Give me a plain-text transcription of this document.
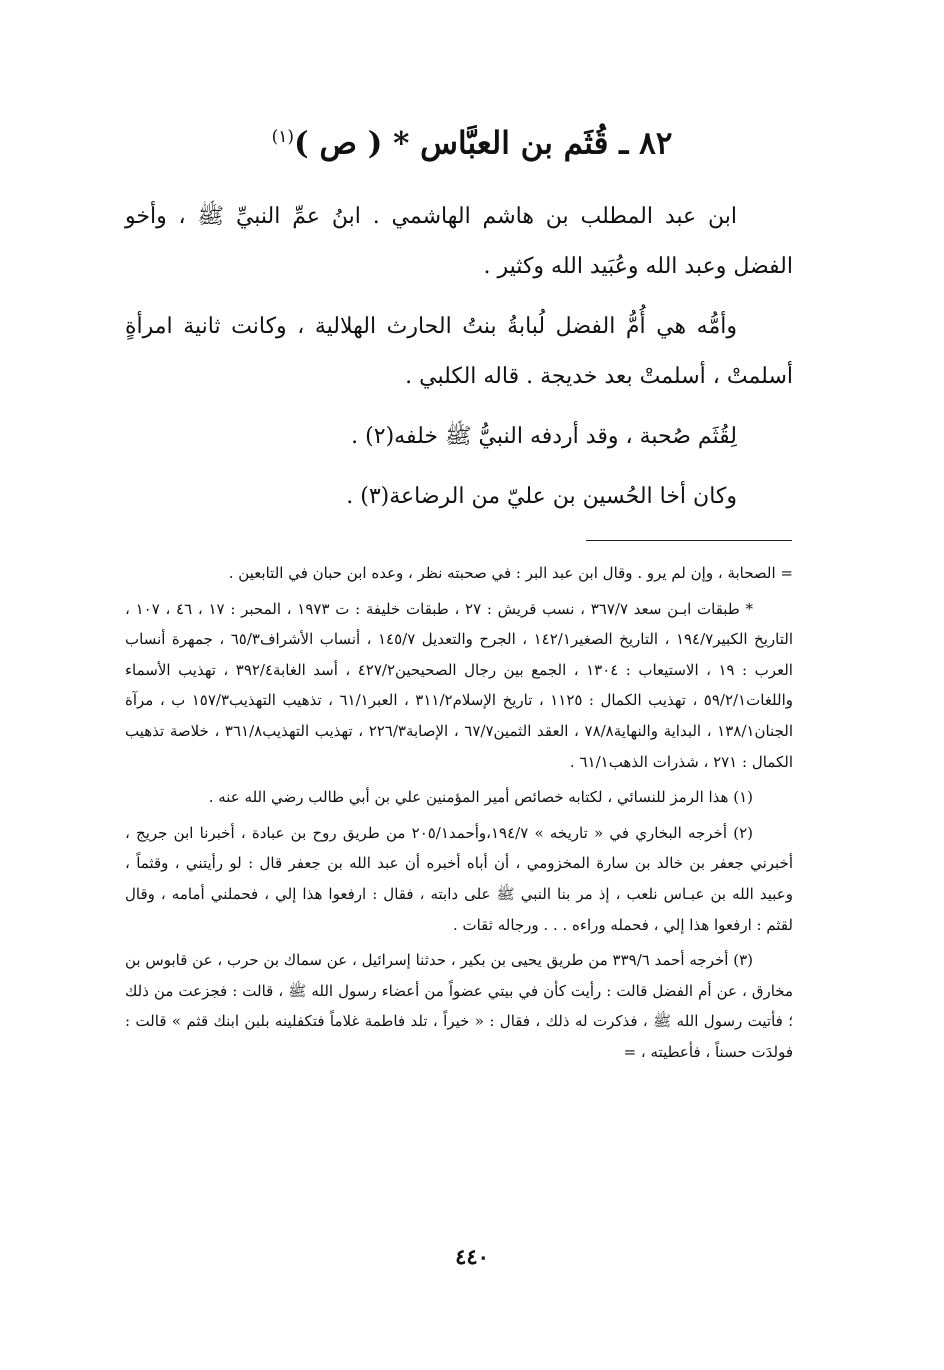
٨٢ ـ قُثَم بن العبَّاس * ( ص )$^{(١)}$

ابن عبد المطلب بن هاشم الهاشمي . ابنُ عمِّ النبيِّ ﷺ ، وأخو الفضل وعبد الله وعُبَيد الله وكثير .

وأمُّه هي أُمُّ الفضل لُبابةُ بنتُ الحارث الهلالية ، وكانت ثانية امرأةٍ أسلمتْ ، أسلمتْ بعد خديجة . قاله الكلبي .

لِقُثَم صُحبة ، وقد أردفه النبيُّ ﷺ خلفه(٢) .

وكان أخا الحُسين بن عليّ من الرضاعة(٣) .

= الصحابة ، وإن لم يرو . وقال ابن عبد البر : في صحبته نظر ، وعده ابن حبان في التابعين .

* طبقات ابـن سعد ٣٦٧/٧ ، نسب قريش : ٢٧ ، طبقات خليفة : ت ١٩٧٣ ، المحبر : ١٧ ، ٤٦ ، ١٠٧ ، التاريخ الكبير١٩٤/٧ ، التاريخ الصغير١٤٢/١ ، الجرح والتعديل ١٤٥/٧ ، أنساب الأشراف٦٥/٣ ، جمهرة أنساب العرب : ١٩ ، الاستيعاب : ١٣٠٤ ، الجمع بين رجال الصحيحين٤٢٧/٢ ، أسد الغابة٣٩٢/٤ ، تهذيب الأسماء واللغات٥٩/٢/١ ، تهذيب الكمال : ١١٢٥ ، تاريخ الإسلام٣١١/٢ ، العبر٦١/١ ، تذهيب التهذيب١٥٧/٣ ب ، مرآة الجنان١٣٨/١ ، البداية والنهاية٧٨/٨ ، العقد الثمين٦٧/٧ ، الإصابة٢٢٦/٣ ، تهذيب التهذيب٣٦١/٨ ، خلاصة تذهيب الكمال : ٢٧١ ، شذرات الذهب٦١/١ .

(١) هذا الرمز للنسائي ، لكتابه خصائص أمير المؤمنين علي بن أبي طالب رضي الله عنه .

(٢) أخرجه البخاري في « تاريخه » ١٩٤/٧،وأحمد٢٠٥/١ من طريق روح بن عبادة ، أخبرنا ابن جريج ، أخبرني جعفر بن خالد بن سارة المخزومي ، أن أباه أخبره أن عبد الله بن جعفر قال : لو رأيتني ، وقثماً ، وعبيد الله بن عبـاس نلعب ، إذ مر بنا النبي ﷺ على دابته ، فقال : ارفعوا هذا إلي ، فحملني أمامه ، وقال لقثم : ارفعوا هذا إلي ، فحمله وراءه . . . ورجاله ثقات .

(٣) أخرجه أحمد ٣٣٩/٦ من طريق يحيى بن بكير ، حدثنا إسرائيل ، عن سماك بن حرب ، عن قابوس بن مخارق ، عن أم الفضل قالت : رأيت كأن في بيتي عضواً من أعضاء رسول الله ﷺ ، قالت : فجزعت من ذلك ؛ فأتيت رسول الله ﷺ ، فذكرت له ذلك ، فقال : « خيراً ، تلد فاطمة غلاماً فتكفلينه بلبن ابنك قثم » قالت : فولدَت حسناً ، فأعطيته ، =

٤٤٠
